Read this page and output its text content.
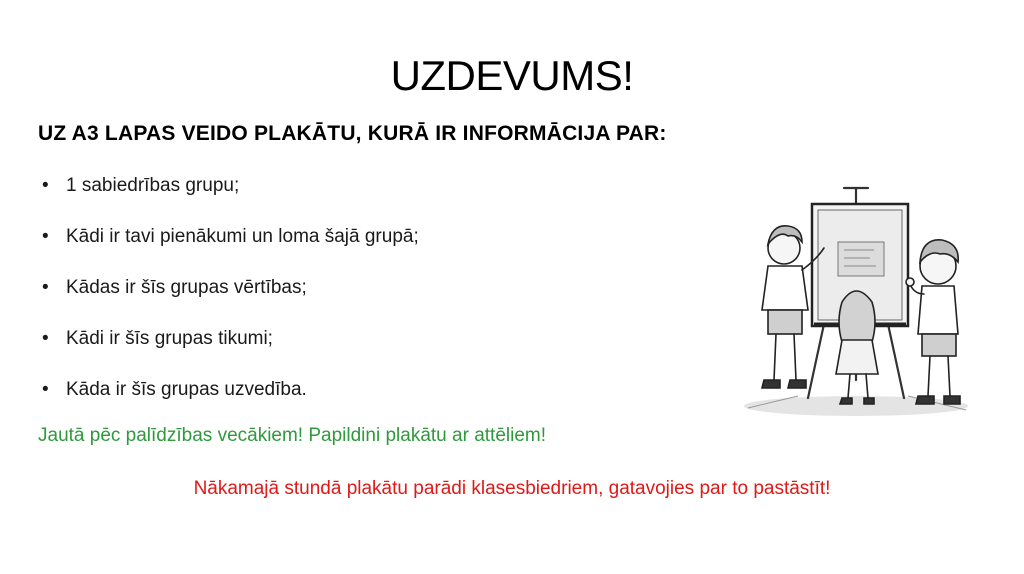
UZDEVUMS!
UZ A3 LAPAS VEIDO PLAKĀTU, KURĀ IR INFORMĀCIJA PAR:
• 1 sabiedrības grupu;
• Kādi ir tavi pienākumi un loma šajā grupā;
• Kādas ir šīs grupas vērtības;
• Kādi ir šīs grupas tikumi;
• Kāda ir šīs grupas uzvedība.
Jautā pēc palīdzības vecākiem! Papildini plakātu ar attēliem!
Nākamajā stundā plakātu parādi klasesbiedriem, gatavojies par to pastāstīt!
